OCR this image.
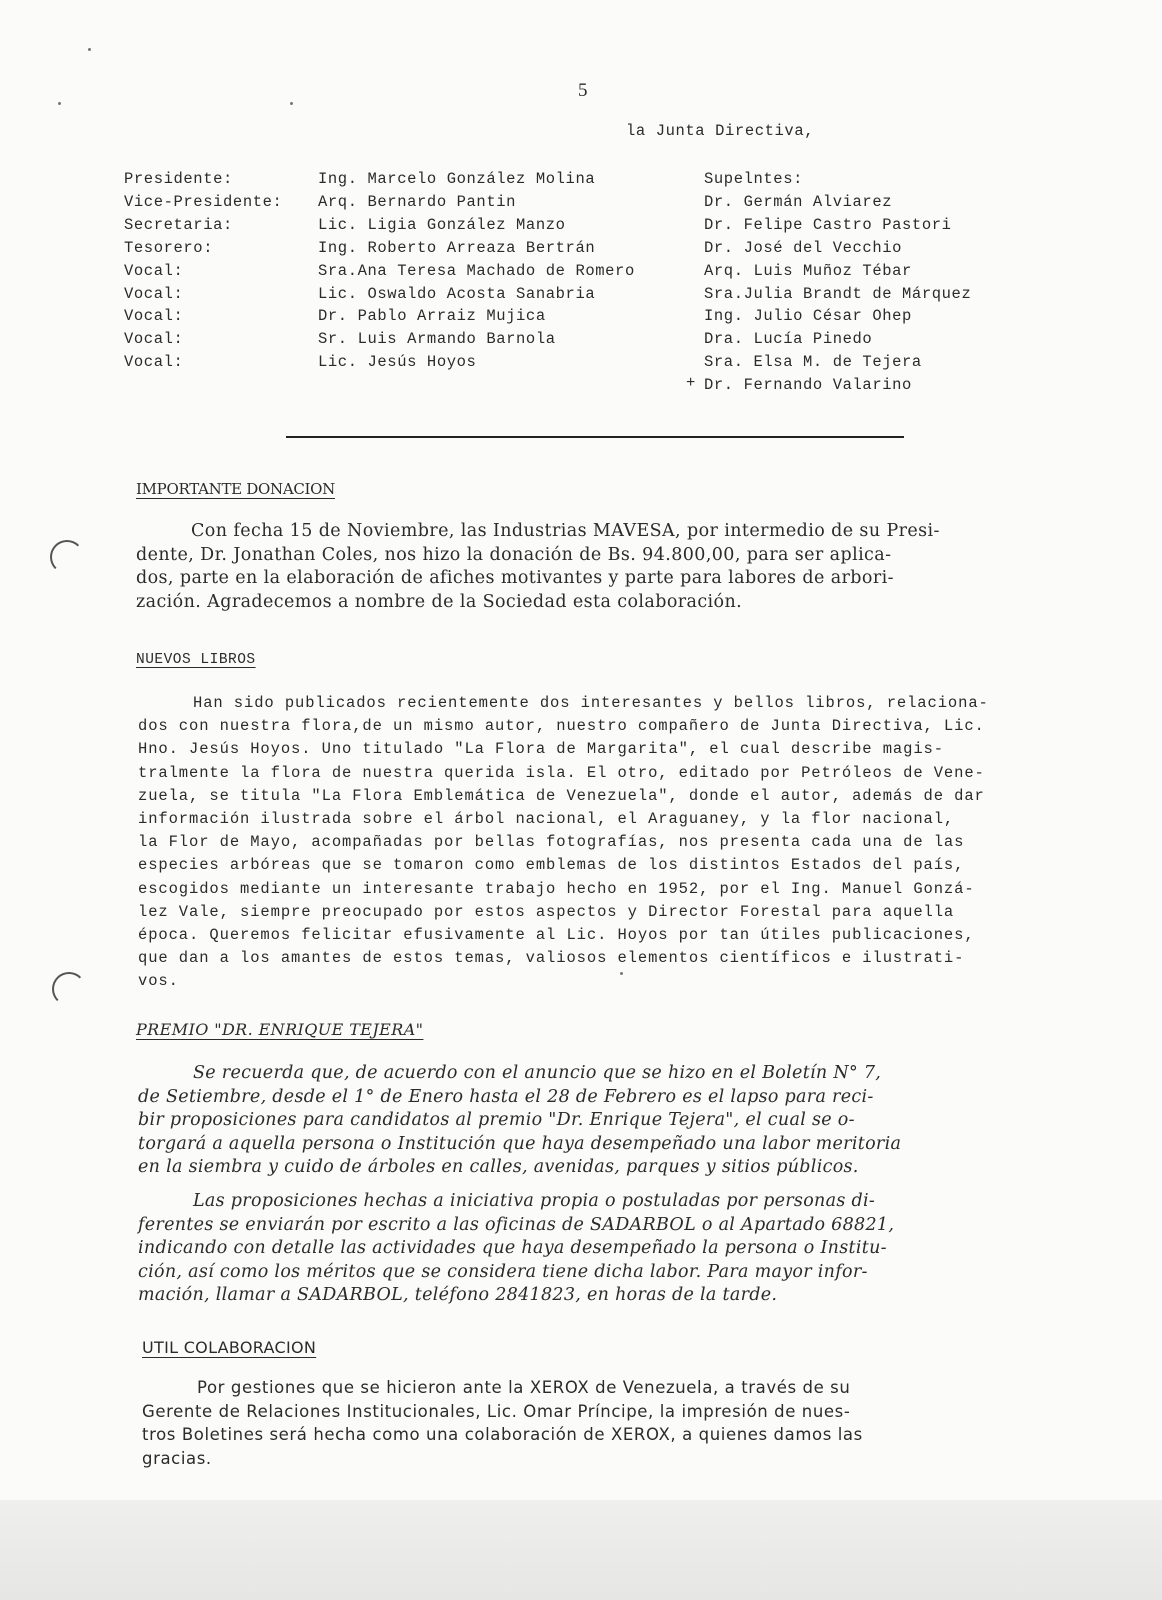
5
la Junta Directiva,
Presidente:
Vice-Presidente:
Secretaria:
Tesorero:
Vocal:
Vocal:
Vocal:
Vocal:
Vocal:
Ing. Marcelo González Molina
Arq. Bernardo Pantin
Lic. Ligia González Manzo
Ing. Roberto Arreaza Bertrán
Sra.Ana Teresa Machado de Romero
Lic. Oswaldo Acosta Sanabria
Dr. Pablo Arraiz Mujica
Sr. Luis Armando Barnola
Lic. Jesús Hoyos
Supelntes:
Dr. Germán Alviarez
Dr. Felipe Castro Pastori
Dr. José del Vecchio
Arq. Luis Muñoz Tébar
Sra.Julia Brandt de Márquez
Ing. Julio César Ohep
Dra. Lucía Pinedo
Sra. Elsa M. de Tejera
Dr. Fernando Valarino
+
IMPORTANTE DONACION
Con fecha 15 de Noviembre, las Industrias MAVESA, por intermedio de su Presi-
dente, Dr. Jonathan Coles, nos hizo la donación de Bs. 94.800,00, para ser aplica-
dos, parte en la elaboración de afiches motivantes y parte para labores de arbori-
zación. Agradecemos a nombre de la Sociedad esta colaboración.
NUEVOS LIBROS
Han sido publicados recientemente dos interesantes y bellos libros, relaciona-
dos con nuestra flora,de un mismo autor, nuestro compañero de Junta Directiva, Lic.
Hno. Jesús Hoyos. Uno titulado "La Flora de Margarita", el cual describe magis-
tralmente la flora de nuestra querida isla. El otro, editado por Petróleos de Vene-
zuela, se titula "La Flora Emblemática de Venezuela", donde el autor, además de dar
información ilustrada sobre el árbol nacional, el Araguaney, y la flor nacional,
la Flor de Mayo, acompañadas por bellas fotografías, nos presenta cada una de las
especies arbóreas que se tomaron como emblemas de los distintos Estados del país,
escogidos mediante un interesante trabajo hecho en 1952, por el Ing. Manuel Gonzá-
lez Vale, siempre preocupado por estos aspectos y Director Forestal para aquella
época. Queremos felicitar efusivamente al Lic. Hoyos por tan útiles publicaciones,
que dan a los amantes de estos temas, valiosos elementos científicos e ilustrati-
vos.
PREMIO "DR. ENRIQUE TEJERA"
Se recuerda que, de acuerdo con el anuncio que se hizo en el Boletín N° 7,
de Setiembre, desde el 1° de Enero hasta el 28 de Febrero es el lapso para reci-
bir proposiciones para candidatos al premio "Dr. Enrique Tejera", el cual se o-
torgará a aquella persona o Institución que haya desempeñado una labor meritoria
en la siembra y cuido de árboles en calles, avenidas, parques y sitios públicos.
Las proposiciones hechas a iniciativa propia o postuladas por personas di-
ferentes se enviarán por escrito a las oficinas de SADARBOL o al Apartado 68821,
indicando con detalle las actividades que haya desempeñado la persona o Institu-
ción, así como los méritos que se considera tiene dicha labor. Para mayor infor-
mación, llamar a SADARBOL, teléfono 2841823, en horas de la tarde.
UTIL COLABORACION
Por gestiones que se hicieron ante la XEROX de Venezuela, a través de su
Gerente de Relaciones Institucionales, Lic. Omar Príncipe, la impresión de nues-
tros Boletines será hecha como una colaboración de XEROX, a quienes damos las
gracias.
